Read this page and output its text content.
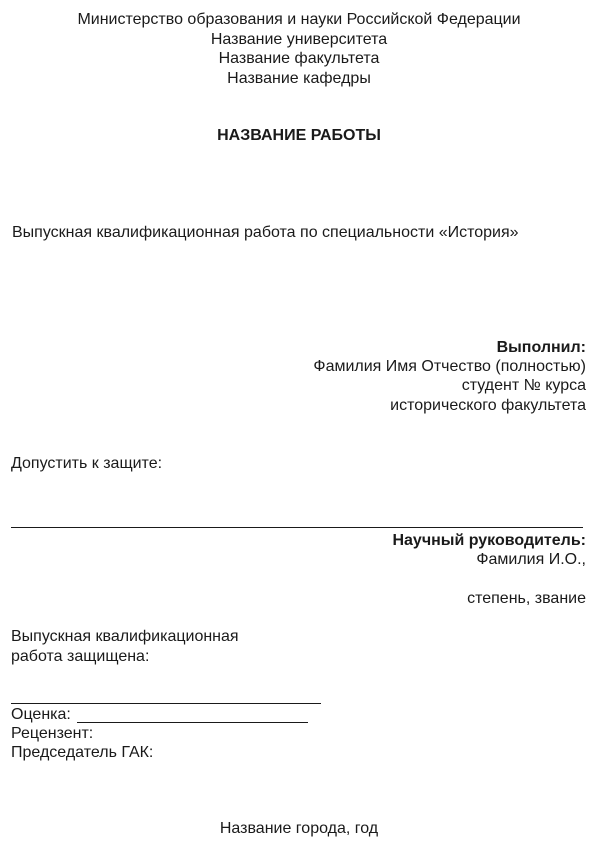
Министерство образования и науки Российской Федерации
Название университета
Название факультета
Название кафедры
НАЗВАНИЕ РАБОТЫ
Выпускная квалификационная работа по специальности «История»
Выполнил:
Фамилия Имя Отчество (полностью)
студент № курса
исторического факультета
Допустить к защите:
Научный руководитель:
Фамилия И.О.,
степень, звание
Выпускная квалификационная
работа защищена:
Оценка:
Рецензент:
Председатель ГАК:
Название города, год
